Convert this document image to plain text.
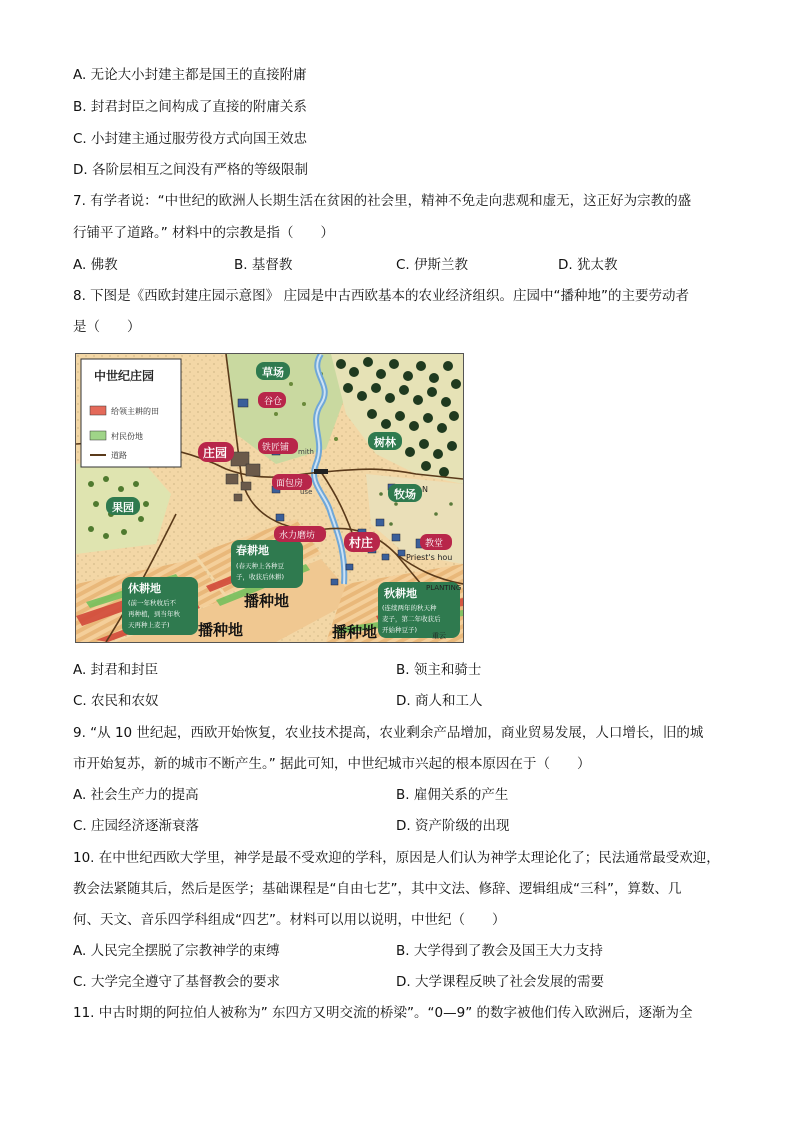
A. 无论大小封建主都是国王的直接附庸
B. 封君封臣之间构成了直接的附庸关系
C. 小封建主通过服劳役方式向国王效忠
D. 各阶层相互之间没有严格的等级限制
7. 有学者说：“中世纪的欧洲人长期生活在贫困的社会里，精神不免走向悲观和虚无，这正好为宗教的盛
行铺平了道路。” 材料中的宗教是指（　　）
A. 佛教	B. 基督教	C. 伊斯兰教	D. 犹太教
8. 下图是《西欧封建庄园示意图》 庄园是中古西欧基本的农业经济组织。庄园中“播种地”的主要劳动者
是（　　）
中世纪庄园
给领主耕的田
村民份地
道路
草场
树林
牧场 N
果园
春耕地
(春天种上各种豆
子，收获后休耕)
休耕地
(前一年秋收后不
再种植，到当年秋
天再种上麦子)
秋耕地 PLANTING
(连续两年的秋天种
麦子，第二年收获后
开始种豆子)
谷仓
庄园	铁匠铺 mith
面包房
use
水力磨坊	村庄	教堂
Priest's hou
播种地
播种地	播种地	重云
A. 封君和封臣	B. 领主和骑士
C. 农民和农奴	D. 商人和工人
9. “从 10 世纪起，西欧开始恢复，农业技术提高，农业剩余产品增加，商业贸易发展，人口增长，旧的城
市开始复苏，新的城市不断产生。” 据此可知，中世纪城市兴起的根本原因在于（　　）
A. 社会生产力的提高	B. 雇佣关系的产生
C. 庄园经济逐渐衰落	D. 资产阶级的出现
10. 在中世纪西欧大学里，神学是最不受欢迎的学科，原因是人们认为神学太理论化了；民法通常最受欢迎，
教会法紧随其后，然后是医学；基础课程是“自由七艺”，其中文法、修辞、逻辑组成“三科”，算数、几
何、天文、音乐四学科组成“四艺”。材料可以用以说明，中世纪（　　）
A. 人民完全摆脱了宗教神学的束缚	B. 大学得到了教会及国王大力支持
C. 大学完全遵守了基督教会的要求	D. 大学课程反映了社会发展的需要
11. 中古时期的阿拉伯人被称为” 东四方又明交流的桥梁”。“0—9” 的数字被他们传入欧洲后，逐渐为全
